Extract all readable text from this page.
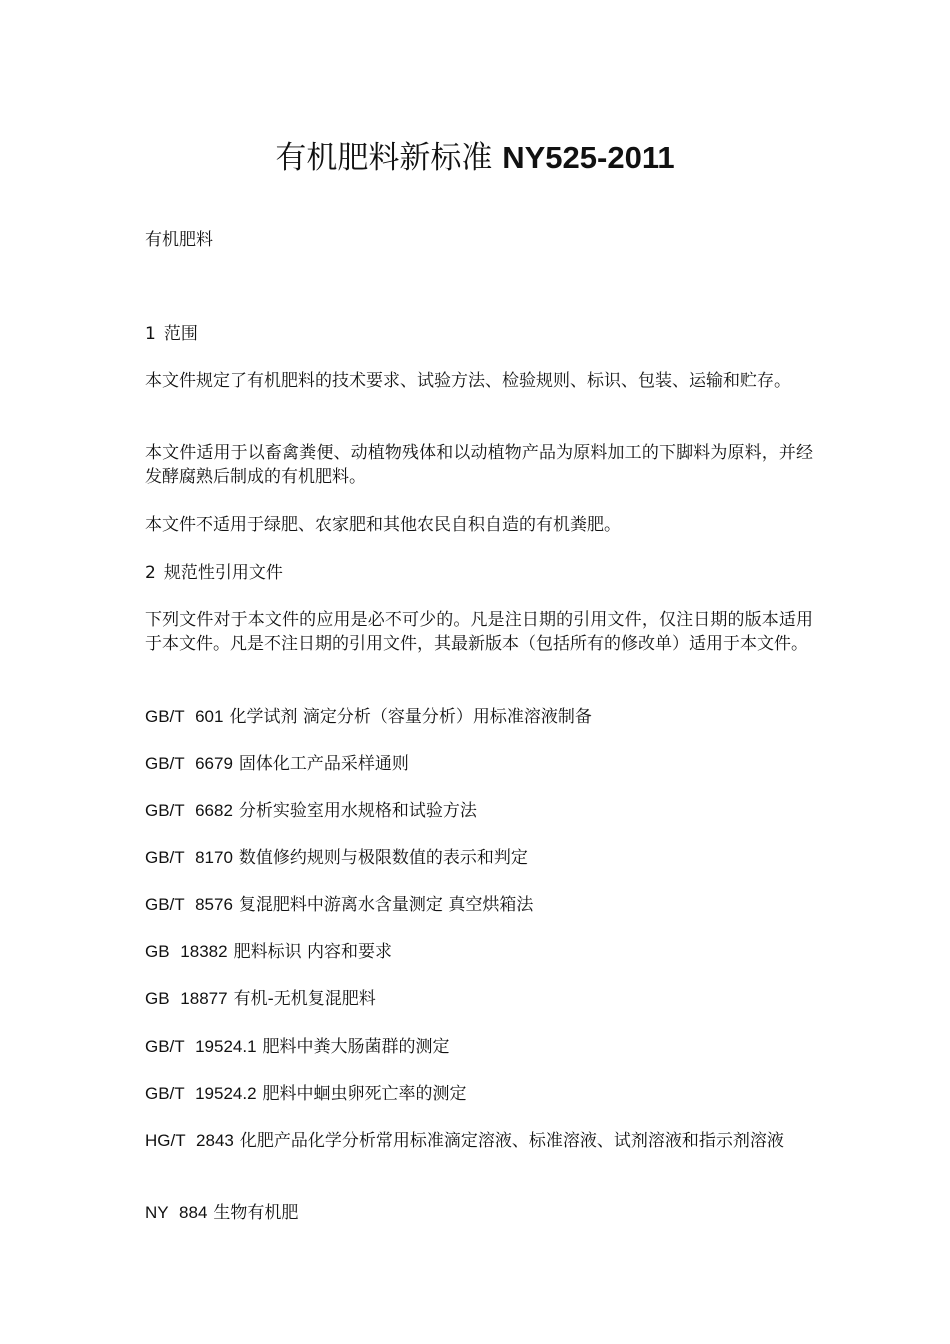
有机肥料新标准 NY525-2011

有机肥料

1 范围

本文件规定了有机肥料的技术要求、试验方法、检验规则、标识、包装、运输和贮存。

本文件适用于以畜禽粪便、动植物残体和以动植物产品为原料加工的下脚料为原料，并经发酵腐熟后制成的有机肥料。

本文件不适用于绿肥、农家肥和其他农民自积自造的有机粪肥。

2 规范性引用文件

下列文件对于本文件的应用是必不可少的。凡是注日期的引用文件，仅注日期的版本适用于本文件。凡是不注日期的引用文件，其最新版本（包括所有的修改单）适用于本文件。

GB/T 601 化学试剂 滴定分析（容量分析）用标准溶液制备

GB/T 6679 固体化工产品采样通则

GB/T 6682 分析实验室用水规格和试验方法

GB/T 8170 数值修约规则与极限数值的表示和判定

GB/T 8576 复混肥料中游离水含量测定 真空烘箱法

GB 18382 肥料标识 内容和要求

GB 18877 有机-无机复混肥料

GB/T 19524.1 肥料中粪大肠菌群的测定

GB/T 19524.2 肥料中蛔虫卵死亡率的测定

HG/T 2843 化肥产品化学分析常用标准滴定溶液、标准溶液、试剂溶液和指示剂溶液

NY 884 生物有机肥
